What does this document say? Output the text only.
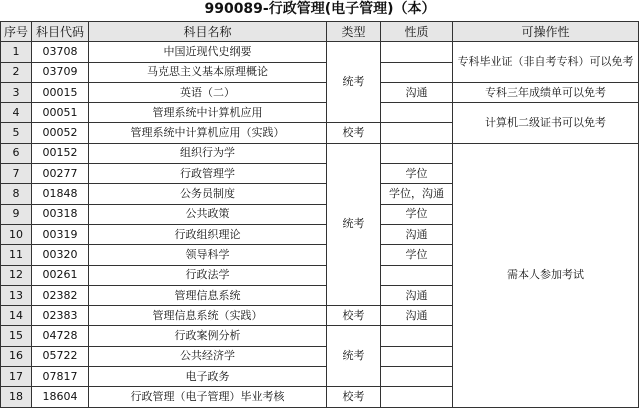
990089-行政管理(电子管理)（本）
序号	科目代码	科目名称	类型	性质	可操作性
1	03708	中国近现代史纲要	统考		专科毕业证（非自考专科）可以免考
2	03709	马克思主义基本原理概论			
3	00015	英语（二）		沟通	专科三年成绩单可以免考
4	00051	管理系统中计算机应用			计算机二级证书可以免考
5	00052	管理系统中计算机应用（实践）	校考		
6	00152	组织行为学	统考		需本人参加考试
7	00277	行政管理学		学位	
8	01848	公务员制度		学位，沟通	
9	00318	公共政策		学位	
10	00319	行政组织理论		沟通	
11	00320	领导科学		学位	
12	00261	行政法学			
13	02382	管理信息系统		沟通	
14	02383	管理信息系统（实践）	校考	沟通	
15	04728	行政案例分析	统考		
16	05722	公共经济学			
17	07817	电子政务			
18	18604	行政管理（电子管理）毕业考核	校考		
